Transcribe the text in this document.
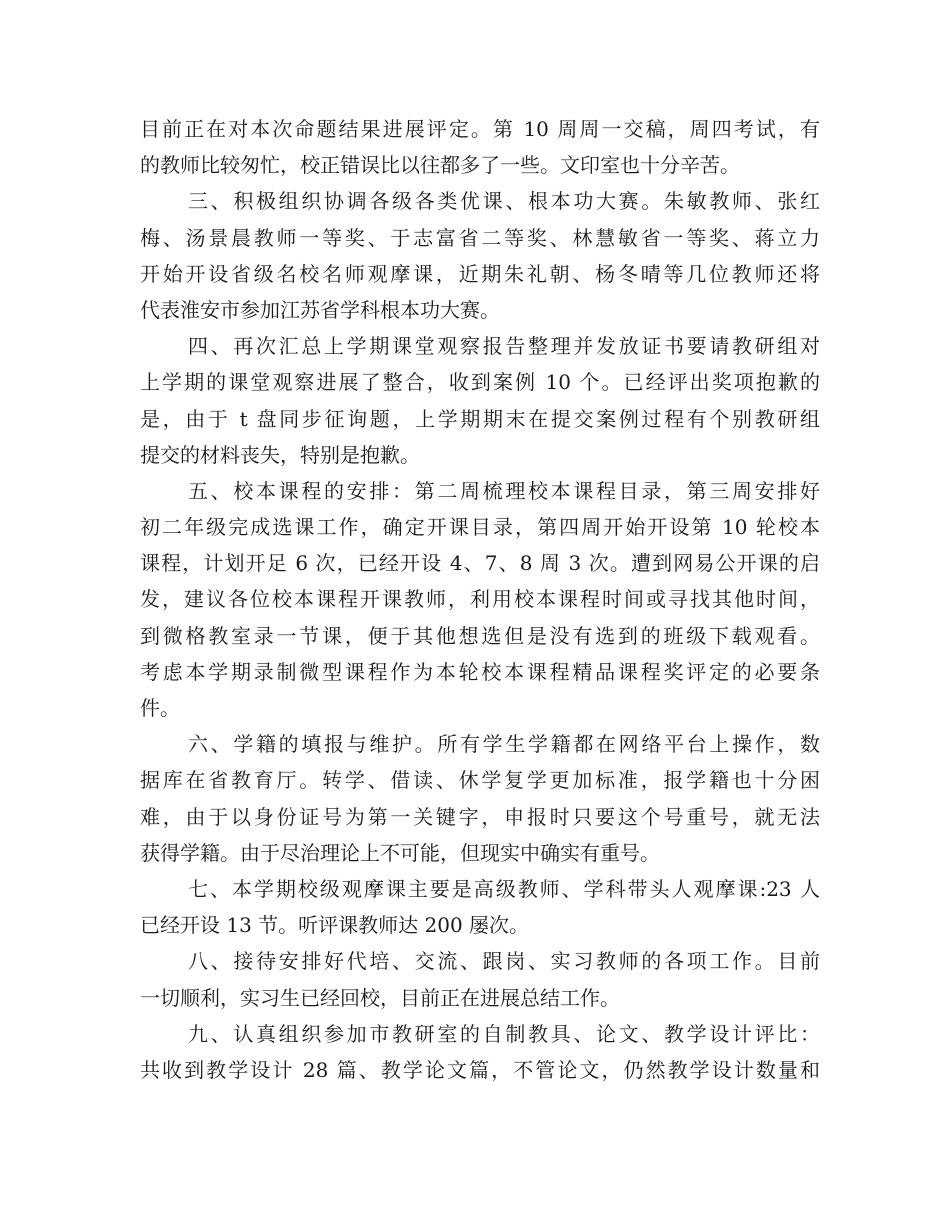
目前正在对本次命题结果进展评定。第 10 周周一交稿，周四考试，有
的教师比较匆忙，校正错误比以往都多了一些。文印室也十分辛苦。
三、积极组织协调各级各类优课、根本功大赛。朱敏教师、张红
梅、汤景晨教师一等奖、于志富省二等奖、林慧敏省一等奖、蒋立力
开始开设省级名校名师观摩课，近期朱礼朝、杨冬晴等几位教师还将
代表淮安市参加江苏省学科根本功大赛。
四、再次汇总上学期课堂观察报告整理并发放证书要请教研组对
上学期的课堂观察进展了整合，收到案例 10 个。已经评出奖项抱歉的
是，由于 t 盘同步征询题，上学期期末在提交案例过程有个别教研组
提交的材料丧失，特别是抱歉。
五、校本课程的安排：第二周梳理校本课程目录，第三周安排好
初二年级完成选课工作，确定开课目录，第四周开始开设第 10 轮校本
课程，计划开足 6 次，已经开设 4、7、8 周 3 次。遭到网易公开课的启
发，建议各位校本课程开课教师，利用校本课程时间或寻找其他时间，
到微格教室录一节课，便于其他想选但是没有选到的班级下载观看。
考虑本学期录制微型课程作为本轮校本课程精品课程奖评定的必要条
件。
六、学籍的填报与维护。所有学生学籍都在网络平台上操作，数
据库在省教育厅。转学、借读、休学复学更加标准，报学籍也十分困
难，由于以身份证号为第一关键字，申报时只要这个号重号，就无法
获得学籍。由于尽治理论上不可能，但现实中确实有重号。
七、本学期校级观摩课主要是高级教师、学科带头人观摩课:23 人
已经开设 13 节。听评课教师达 200 屡次。
八、接待安排好代培、交流、跟岗、实习教师的各项工作。目前
一切顺利，实习生已经回校，目前正在进展总结工作。
九、认真组织参加市教研室的自制教具、论文、教学设计评比：
共收到教学设计 28 篇、教学论文篇，不管论文，仍然教学设计数量和
